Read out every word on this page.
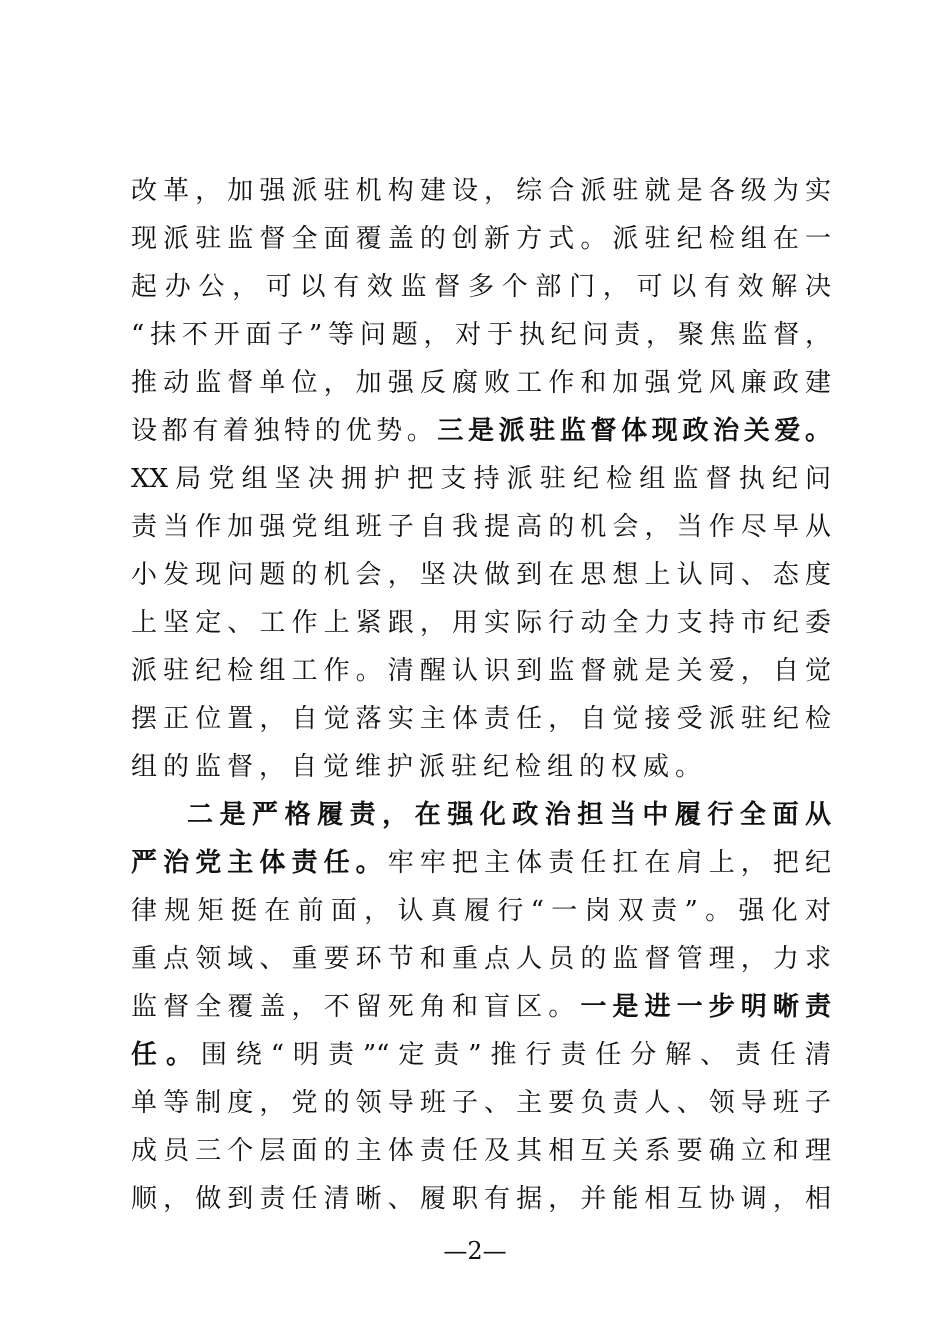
改革，加强派驻机构建设，综合派驻就是各级为实
现派驻监督全面覆盖的创新方式。派驻纪检组在一
起办公，可以有效监督多个部门，可以有效解决
“抹不开面子”等问题，对于执纪问责，聚焦监督，
推动监督单位，加强反腐败工作和加强党风廉政建
设都有着独特的优势。三是派驻监督体现政治关爱。
XX局党组坚决拥护把支持派驻纪检组监督执纪问
责当作加强党组班子自我提高的机会，当作尽早从
小发现问题的机会，坚决做到在思想上认同、态度
上坚定、工作上紧跟，用实际行动全力支持市纪委
派驻纪检组工作。清醒认识到监督就是关爱，自觉
摆正位置，自觉落实主体责任，自觉接受派驻纪检
组的监督，自觉维护派驻纪检组的权威。
二是严格履责，在强化政治担当中履行全面从
严治党主体责任。牢牢把主体责任扛在肩上，把纪
律规矩挺在前面，认真履行“一岗双责”。强化对
重点领域、重要环节和重点人员的监督管理，力求
监督全覆盖，不留死角和盲区。一是进一步明晰责
任。围绕“明责”“定责”推行责任分解、责任清
单等制度，党的领导班子、主要负责人、领导班子
成员三个层面的主体责任及其相互关系要确立和理
顺，做到责任清晰、履职有据，并能相互协调，相
—2—
